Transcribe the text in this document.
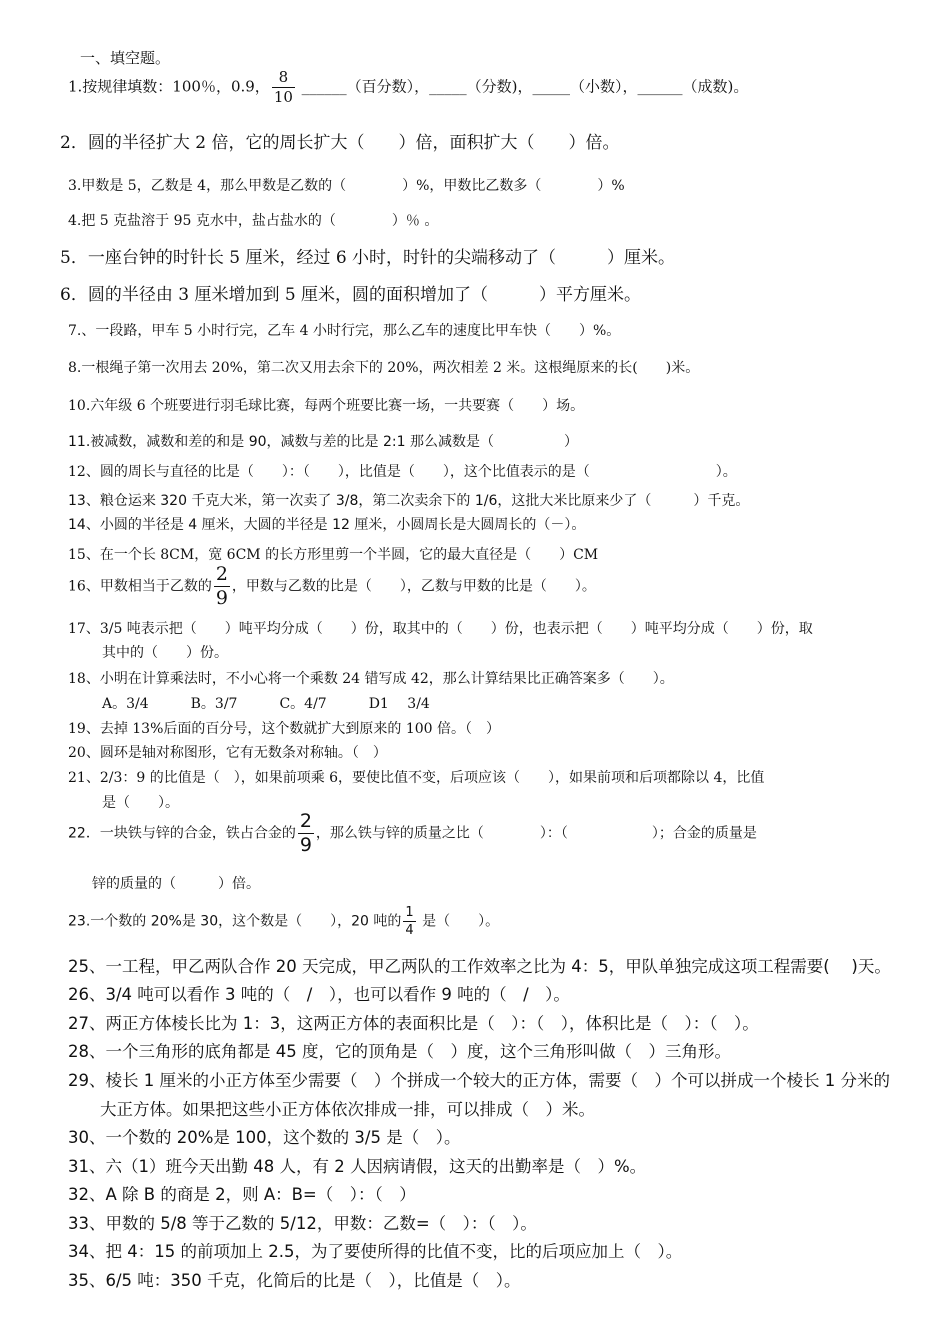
一、填空题。
1.按规律填数：100％，0.9， $\frac{8}{10}$ ______（百分数），_____（分数)，_____（小数），______（成数)。
2．圆的半径扩大 2 倍，它的周长扩大（　　）倍，面积扩大（　　）倍。
3.甲数是 5，乙数是 4，那么甲数是乙数的（　　　　）%，甲数比乙数多（　　　　）%
4.把 5 克盐溶于 95 克水中，盐占盐水的（　　　　）％ 。
5．一座台钟的时针长 5 厘米，经过 6 小时，时针的尖端移动了（　　　）厘米。
6．圆的半径由 3 厘米增加到 5 厘米，圆的面积增加了（　　　）平方厘米。
7.、一段路，甲车 5 小时行完，乙车 4 小时行完，那么乙车的速度比甲车快（　　）%。
8.一根绳子第一次用去 20%，第二次又用去余下的 20%，两次相差 2 米。这根绳原来的长(　　)米。
10.六年级 6 个班要进行羽毛球比赛，每两个班要比赛一场，一共要赛（　　）场。
11.被减数，减数和差的和是 90，减数与差的比是 2:1 那么减数是（　　　　　）
12、圆的周长与直径的比是（　　）：（　　），比值是（　　），这个比值表示的是（　　　　　　　　　）。
13、粮仓运来 320 千克大米，第一次卖了 3/8，第二次卖余下的 1/6，这批大米比原来少了（　　　）千克。
14、小圆的半径是 4 厘米，大圆的半径是 12 厘米，小圆周长是大圆周长的（－）。
15、在一个长 8CM，宽 6CM 的长方形里剪一个半圆，它的最大直径是（　　）CM
16、甲数相当于乙数的 $\frac{2}{9}$ ，甲数与乙数的比是（　　），乙数与甲数的比是（　　）。
17、3/5 吨表示把（　　）吨平均分成（　　）份，取其中的（　　）份，也表示把（　　）吨平均分成（　　）份，取
其中的（　　）份。
18、小明在计算乘法时，不小心将一个乘数 24 错写成 42，那么计算结果比正确答案多（　　）。
A。3/4　　　B。3/7　　　C。4/7　　　D1　 3/4
19、去掉 13%后面的百分号，这个数就扩大到原来的 100 倍。（　）
20、圆环是轴对称图形，它有无数条对称轴。（　）
21、2/3：9 的比值是（　），如果前项乘 6，要使比值不变，后项应该（　　），如果前项和后项都除以 4，比值
是（　　）。
22．一块铁与锌的合金，铁占合金的 $\frac{2}{9}$ ，那么铁与锌的质量之比（　　　　）：（　　　　　　）；合金的质量是
锌的质量的（　　　）倍。
23.一个数的 20%是 30，这个数是（　　），20 吨的 $\frac{1}{4}$ 是（　　）。
25、一工程，甲乙两队合作 20 天完成，甲乙两队的工作效率之比为 4：5，甲队单独完成这项工程需要(　 )天。
26、3/4 吨可以看作 3 吨的（　/　），也可以看作 9 吨的（　/　）。
27、两正方体棱长比为 1：3，这两正方体的表面积比是（　）：（　），体积比是（　）：（　）。
28、一个三角形的底角都是 45 度，它的顶角是（　）度，这个三角形叫做（　）三角形。
29、棱长 1 厘米的小正方体至少需要（　）个拼成一个较大的正方体，需要（　）个可以拼成一个棱长 1 分米的
大正方体。如果把这些小正方体依次排成一排，可以排成（　）米。
30、一个数的 20%是 100，这个数的 3/5 是（　）。
31、六（1）班今天出勤 48 人，有 2 人因病请假，这天的出勤率是（　）%。
32、A 除 B 的商是 2，则 A：B=（　）：（　）
33、甲数的 5/8 等于乙数的 5/12，甲数：乙数=（　）：（　）。
34、把 4：15 的前项加上 2.5，为了要使所得的比值不变，比的后项应加上（　）。
35、6/5 吨：350 千克，化简后的比是（　），比值是（　）。
